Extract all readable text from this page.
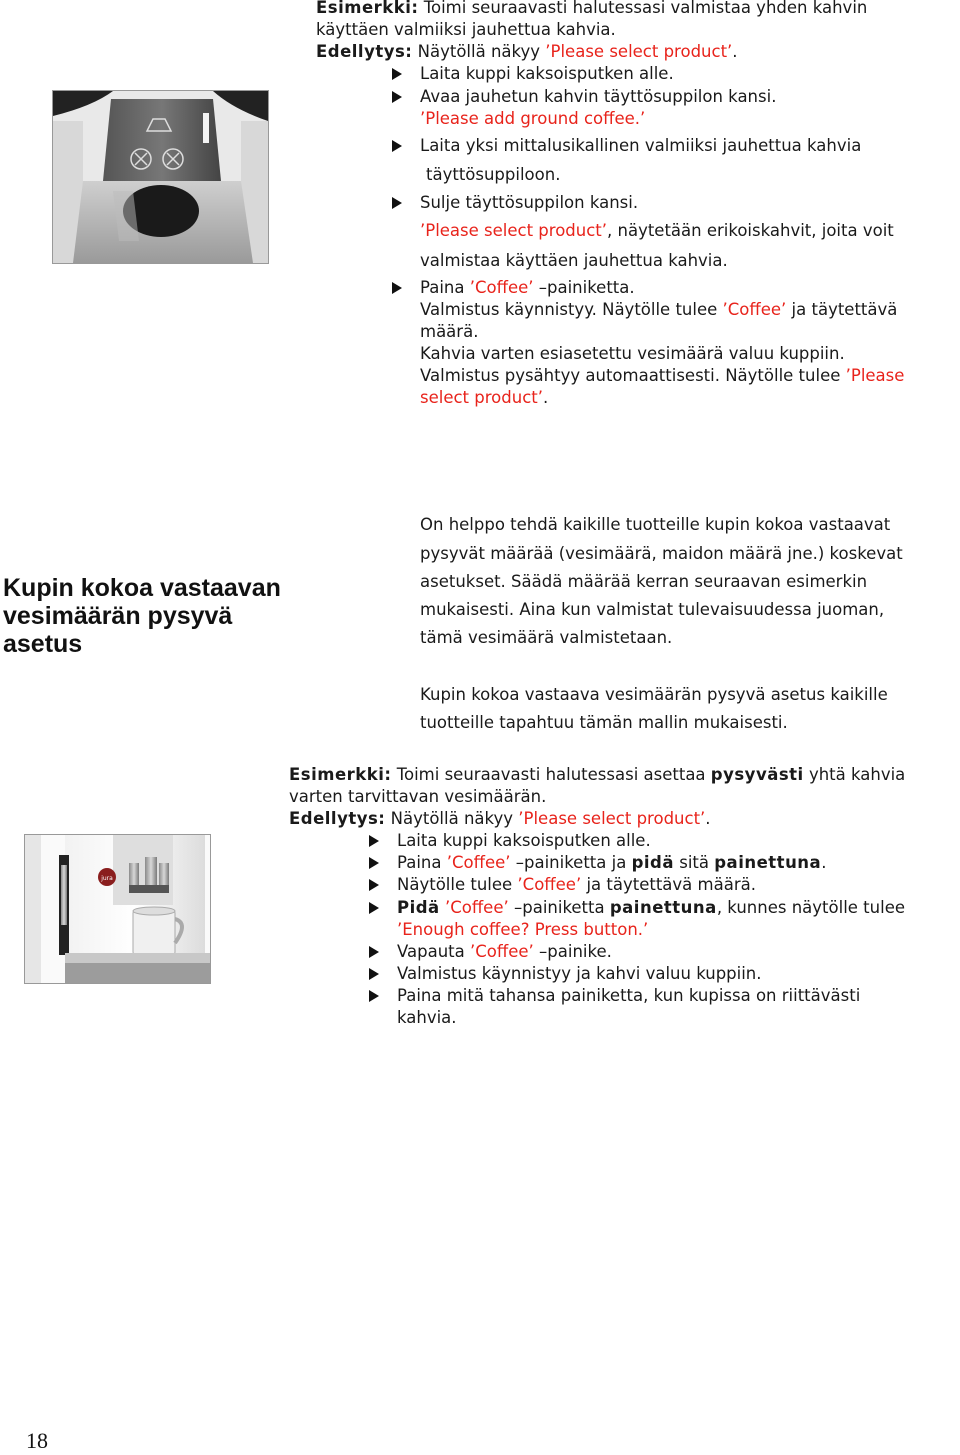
Esimerkki: Toimi seuraavasti halutessasi valmistaa yhden kahvin
käyttäen valmiiksi jauhettua kahvia.
Edellytys: Näytöllä näkyy ’Please select product’.
Laita kuppi kaksoisputken alle.
Avaa jauhetun kahvin täyttösuppilon kansi.
’Please add ground coffee.’
Laita yksi mittalusikallinen valmiiksi jauhettua kahvia
täyttösuppiloon.
Sulje täyttösuppilon kansi.
’Please select product’, näytetään erikoiskahvit, joita voit
valmistaa käyttäen jauhettua kahvia.
Paina ’Coffee’ –painiketta.
Valmistus käynnistyy. Näytölle tulee ’Coffee’ ja täytettävä
määrä.
Kahvia varten esiasetettu vesimäärä valuu kuppiin.
Valmistus pysähtyy automaattisesti. Näytölle tulee ’Please
select product’.
Kupin kokoa vastaavan
vesimäärän pysyvä
asetus
On helppo tehdä kaikille tuotteille kupin kokoa vastaavat
pysyvät määrää (vesimäärä, maidon määrä jne.) koskevat
asetukset. Säädä määrää kerran seuraavan esimerkin
mukaisesti. Aina kun valmistat tulevaisuudessa juoman,
tämä vesimäärä valmistetaan.
Kupin kokoa vastaava vesimäärän pysyvä asetus kaikille
tuotteille tapahtuu tämän mallin mukaisesti.
Esimerkki: Toimi seuraavasti halutessasi asettaa pysyvästi yhtä kahvia
varten tarvittavan vesimäärän.
Edellytys: Näytöllä näkyy ’Please select product’.
Laita kuppi kaksoisputken alle.
Paina ’Coffee’ –painiketta ja pidä sitä painettuna.
Näytölle tulee ’Coffee’ ja täytettävä määrä.
Pidä ’Coffee’ –painiketta painettuna, kunnes näytölle tulee
’Enough coffee? Press button.’
Vapauta ’Coffee’ –painike.
Valmistus käynnistyy ja kahvi valuu kuppiin.
Paina mitä tahansa painiketta, kun kupissa on riittävästi
kahvia.
jura
18
